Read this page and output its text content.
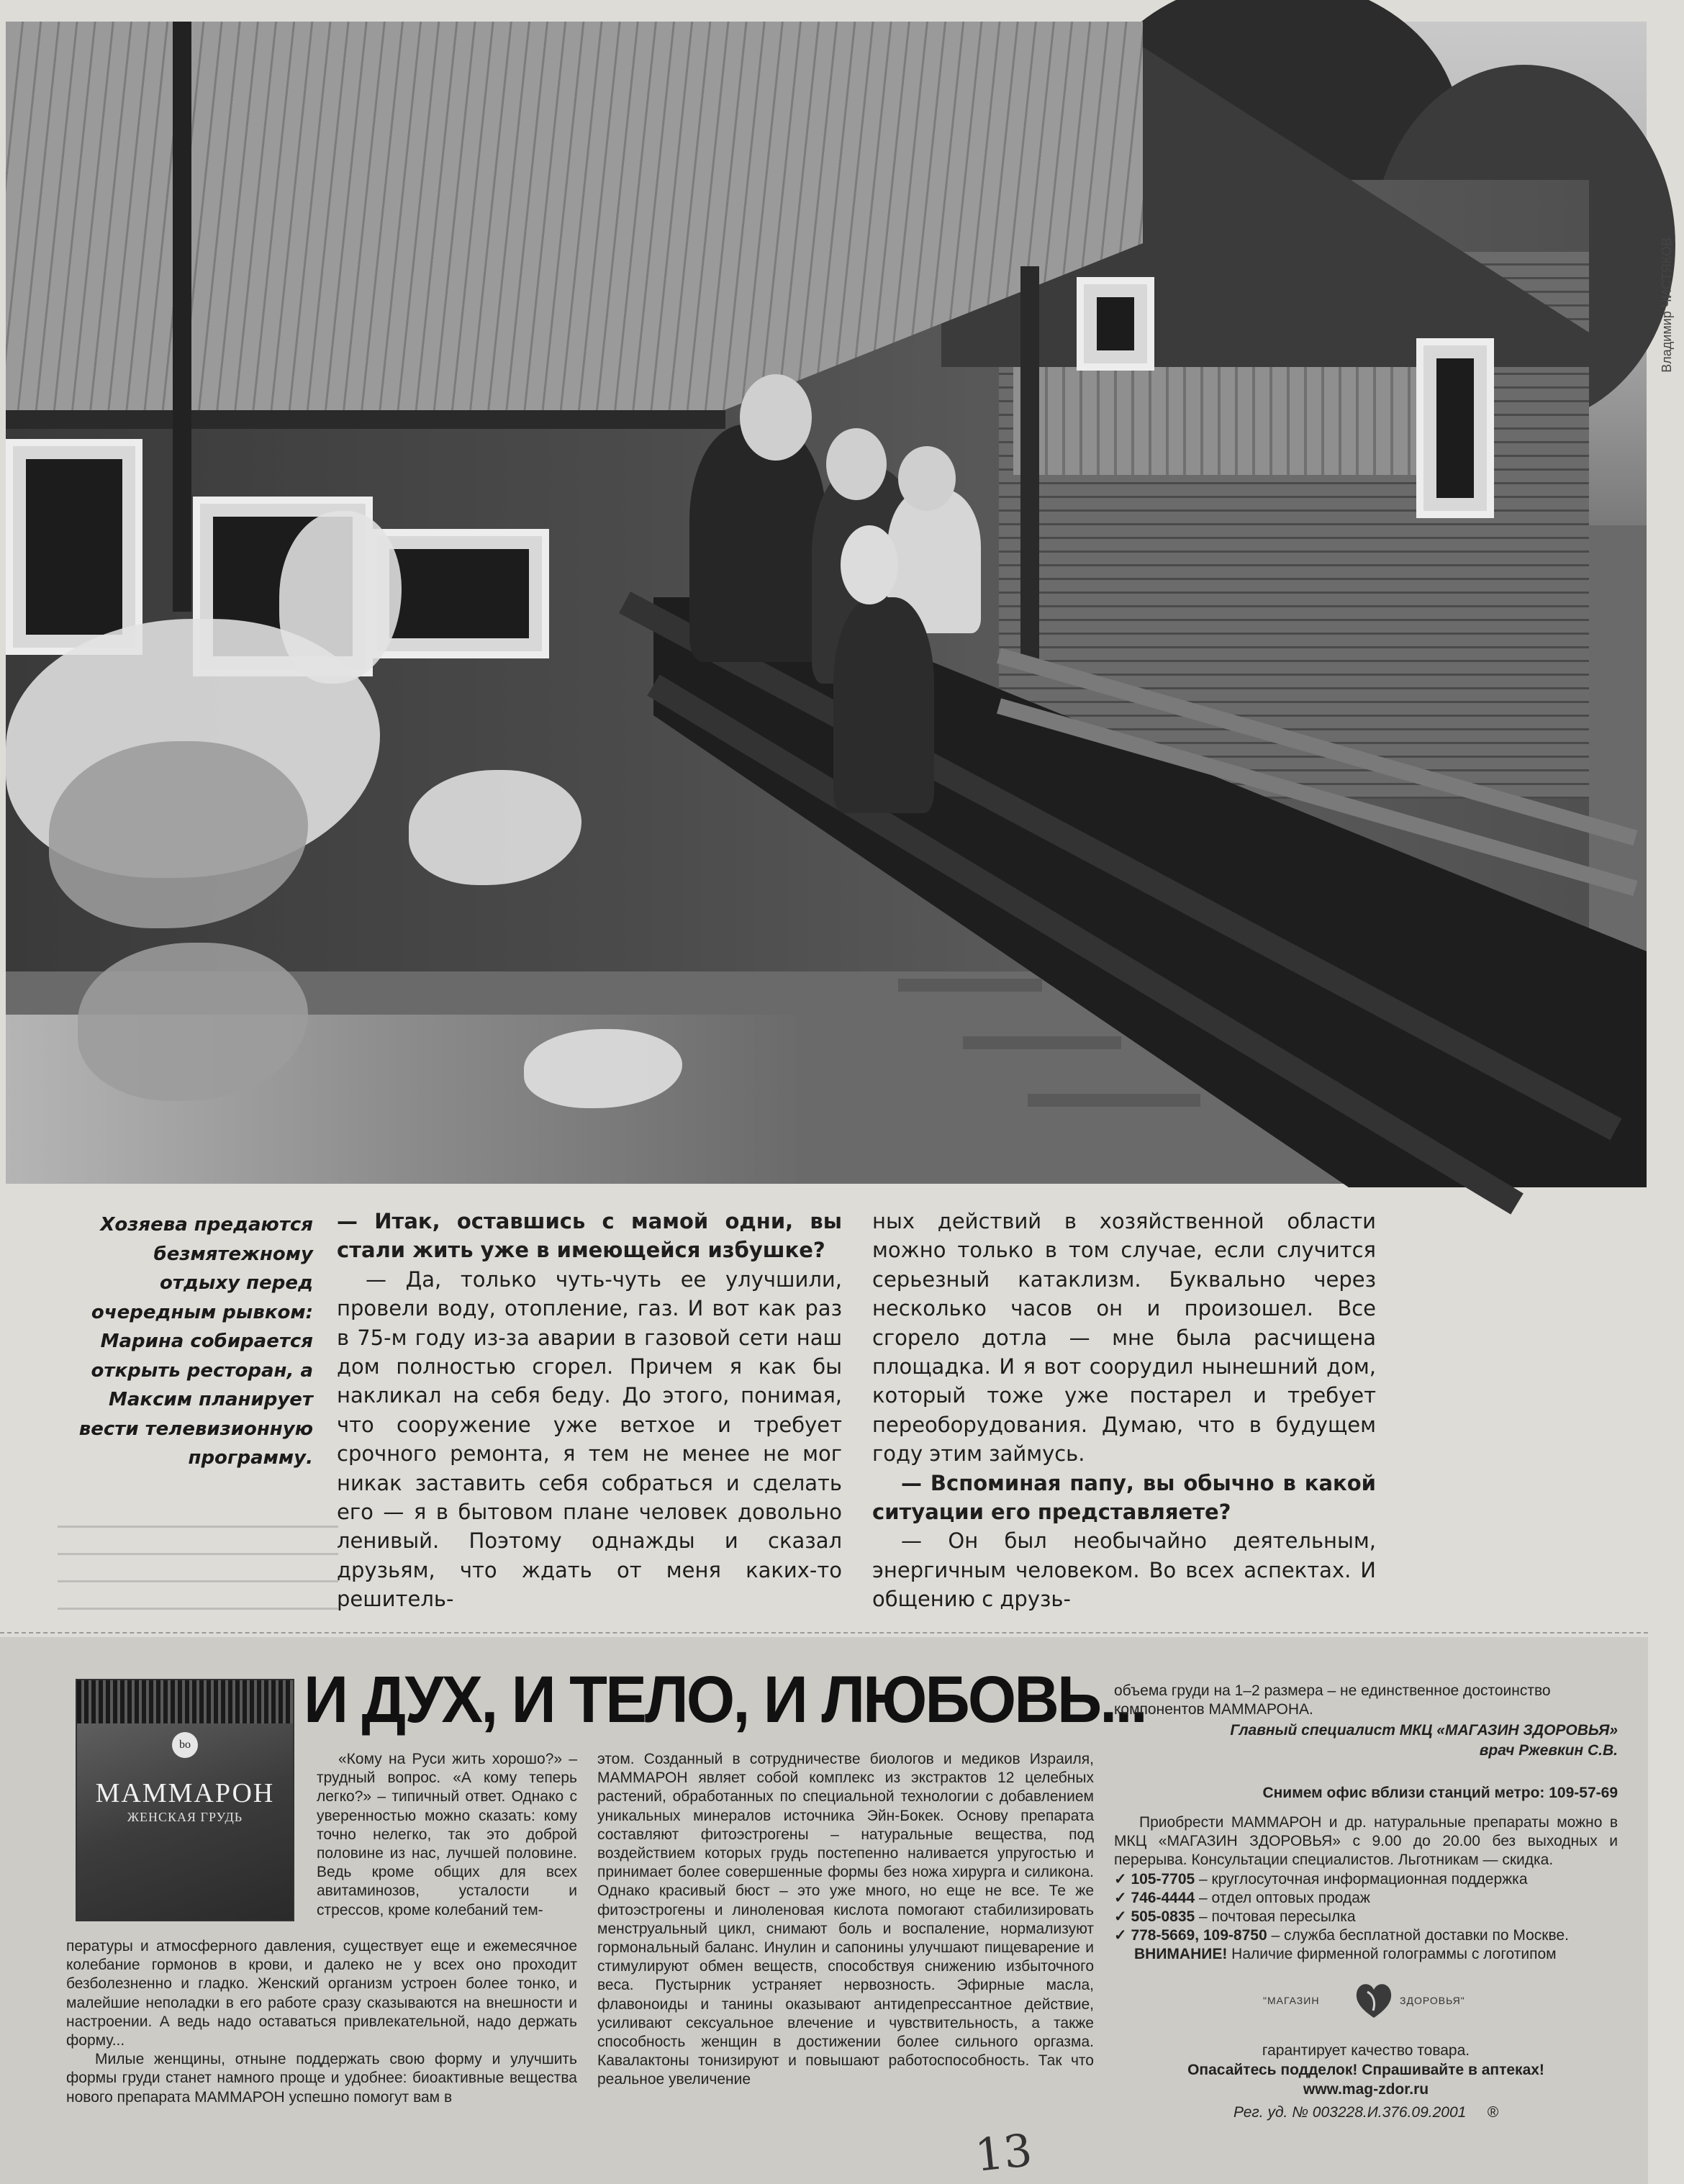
Владимир ЧИСТЯКОВ
Хозяева предаются безмятежному отдыху перед очередным рывком: Марина собирается открыть ресторан, а Максим планирует вести телевизионную программу.

— Итак, оставшись с мамой одни, вы стали жить уже в имеющейся избушке?

— Да, только чуть-чуть ее улучшили, провели воду, отопление, газ. И вот как раз в 75-м году из-за аварии в газовой сети наш дом полностью сгорел. Причем я как бы накликал на себя беду. До этого, понимая, что сооружение уже ветхое и требует срочного ремонта, я тем не менее не мог никак заставить себя собраться и сделать его — я в бытовом плане человек довольно ленивый. Поэтому однажды и сказал друзьям, что ждать от меня каких-то решитель-

ных действий в хозяйственной области можно только в том случае, если случится серьезный катаклизм. Буквально через несколько часов он и произошел. Все сгорело дотла — мне была расчищена площадка. И я вот соорудил нынешний дом, который тоже уже постарел и требует переоборудования. Думаю, что в будущем году этим займусь.

— Вспоминая папу, вы обычно в какой ситуации его представляете?

— Он был необычайно деятельным, энергичным человеком. Во всех аспектах. И общению с друзь-

bo
МАММАРОН
ЖЕНСКАЯ ГРУДЬ

И ДУХ, И ТЕЛО, И ЛЮБОВЬ...

«Кому на Руси жить хорошо?» – трудный вопрос. «А кому теперь легко?» – типичный ответ. Однако с уверенностью можно сказать: кому точно нелегко, так это доброй половине из нас, лучшей половине. Ведь кроме общих для всех авитаминозов, усталости и стрессов, кроме колебаний тем-

пературы и атмосферного давления, существует еще и ежемесячное колебание гормонов в крови, и далеко не у всех оно проходит безболезненно и гладко. Женский организм устроен более тонко, и малейшие неполадки в его работе сразу сказываются на внешности и настроении. А ведь надо оставаться привлекательной, надо держать форму...

Милые женщины, отныне поддержать свою форму и улучшить формы груди станет намного проще и удобнее: биоактивные вещества нового препарата МАММАРОН успешно помогут вам в

этом. Созданный в сотрудничестве биологов и медиков Израиля, МАММАРОН являет собой комплекс из экстрактов 12 целебных растений, обработанных по специальной технологии с добавлением уникальных минералов источника Эйн-Бокек. Основу препарата составляют фитоэстрогены – натуральные вещества, под воздействием которых грудь постепенно наливается упругостью и принимает более совершенные формы без ножа хирурга и силикона. Однако красивый бюст – это уже много, но еще не все. Те же фитоэстрогены и линоленовая кислота помогают стабилизировать менструальный цикл, снимают боль и воспаление, нормализуют гормональный баланс. Инулин и сапонины улучшают пищеварение и стимулируют обмен веществ, способствуя снижению избыточного веса. Пустырник устраняет нервозность. Эфирные масла, флавоноиды и танины оказывают антидепрессантное действие, усиливают сексуальное влечение и чувствительность, а также способность женщин в достижении более сильного оргазма. Кавалактоны тонизируют и повышают работоспособность. Так что реальное увеличение

объема груди на 1–2 размера – не единственное достоинство компонентов МАММАРОНА.
Главный специалист МКЦ «МАГАЗИН ЗДОРОВЬЯ»
врач Ржевкин С.В.
Снимем офис вблизи станций метро: 109-57-69
Приобрести МАММАРОН и др. натуральные препараты можно в МКЦ «МАГАЗИН ЗДОРОВЬЯ» с 9.00 до 20.00 без выходных и перерыва. Консультации специалистов. Льготникам — скидка.
✓ 105-7705 – круглосуточная информационная поддержка
✓ 746-4444 – отдел оптовых продаж
✓ 505-0835 – почтовая пересылка
✓ 778-5669, 109-8750 – служба бесплатной доставки по Москве.
ВНИМАНИЕ! Наличие фирменной голограммы с логотипом
"МАГАЗИН	ЗДОРОВЬЯ"
гарантирует качество товара.
Опасайтесь подделок! Спрашивайте в аптеках!
www.mag-zdor.ru
Рег. уд. № 003228.И.376.09.2001 ®
13
